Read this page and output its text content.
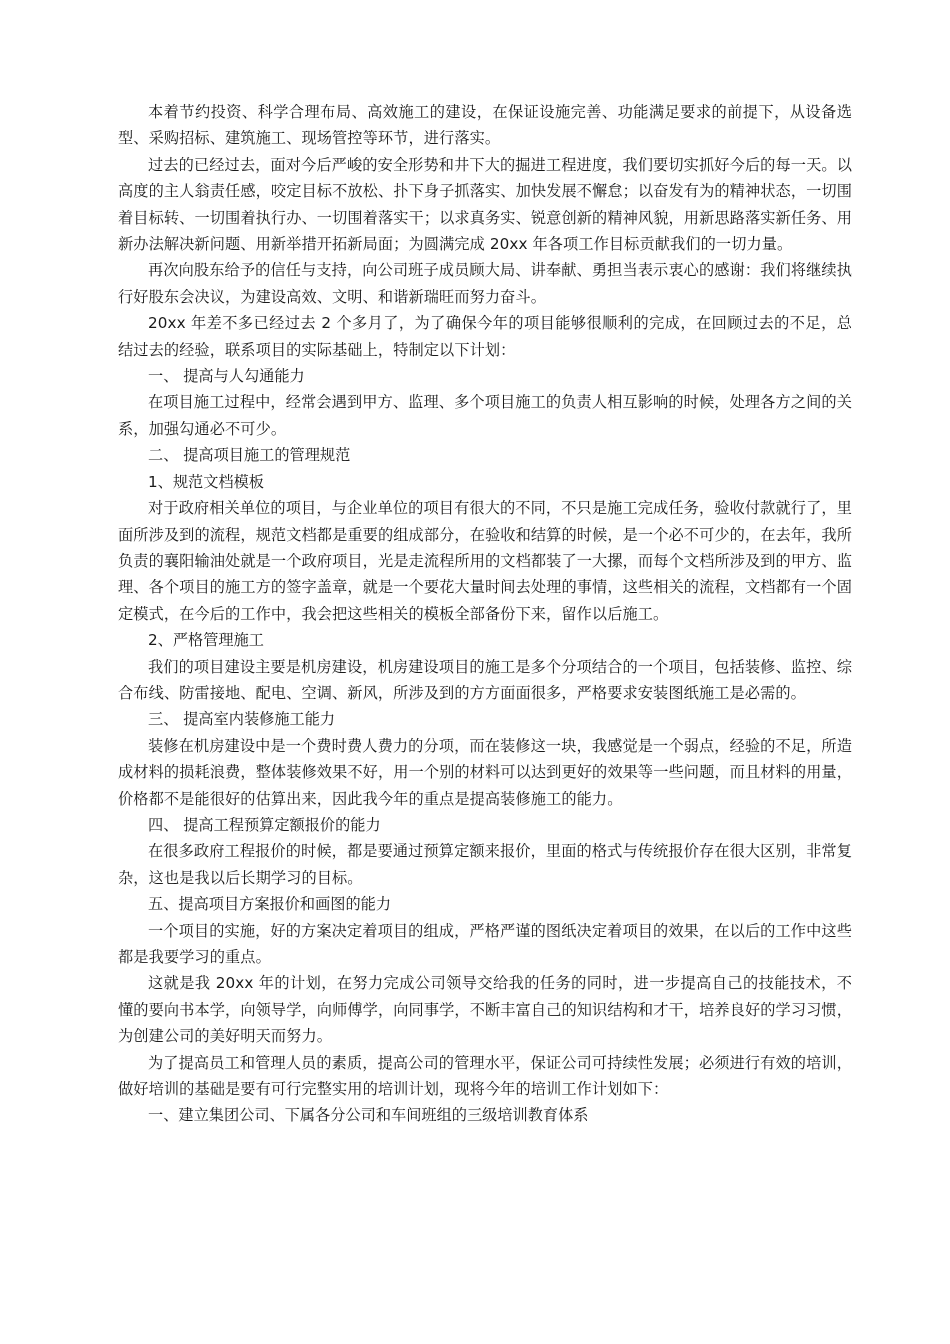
本着节约投资、科学合理布局、高效施工的建设，在保证设施完善、功能满足要求的前提下，从设备选型、采购招标、建筑施工、现场管控等环节，进行落实。

过去的已经过去，面对今后严峻的安全形势和井下大的掘进工程进度，我们要切实抓好今后的每一天。以高度的主人翁责任感，咬定目标不放松、扑下身子抓落实、加快发展不懈怠；以奋发有为的精神状态，一切围着目标转、一切围着执行办、一切围着落实干；以求真务实、锐意创新的精神风貌，用新思路落实新任务、用新办法解决新问题、用新举措开拓新局面；为圆满完成 20xx 年各项工作目标贡献我们的一切力量。

再次向股东给予的信任与支持，向公司班子成员顾大局、讲奉献、勇担当表示衷心的感谢：我们将继续执行好股东会决议，为建设高效、文明、和谐新瑞旺而努力奋斗。

20xx 年差不多已经过去 2 个多月了，为了确保今年的项目能够很顺利的完成，在回顾过去的不足，总结过去的经验，联系项目的实际基础上，特制定以下计划：

一、 提高与人勾通能力

在项目施工过程中，经常会遇到甲方、监理、多个项目施工的负责人相互影响的时候，处理各方之间的关系，加强勾通必不可少。

二、 提高项目施工的管理规范

1、规范文档模板

对于政府相关单位的项目，与企业单位的项目有很大的不同，不只是施工完成任务，验收付款就行了，里面所涉及到的流程，规范文档都是重要的组成部分，在验收和结算的时候，是一个必不可少的，在去年，我所负责的襄阳输油处就是一个政府项目，光是走流程所用的文档都装了一大摞，而每个文档所涉及到的甲方、监理、各个项目的施工方的签字盖章，就是一个要花大量时间去处理的事情，这些相关的流程，文档都有一个固定模式，在今后的工作中，我会把这些相关的模板全部备份下来，留作以后施工。

2、严格管理施工

我们的项目建设主要是机房建设，机房建设项目的施工是多个分项结合的一个项目，包括装修、监控、综合布线、防雷接地、配电、空调、新风，所涉及到的方方面面很多，严格要求安装图纸施工是必需的。

三、 提高室内装修施工能力

装修在机房建设中是一个费时费人费力的分项，而在装修这一块，我感觉是一个弱点，经验的不足，所造成材料的损耗浪费，整体装修效果不好，用一个别的材料可以达到更好的效果等一些问题，而且材料的用量，价格都不是能很好的估算出来，因此我今年的重点是提高装修施工的能力。

四、 提高工程预算定额报价的能力

在很多政府工程报价的时候，都是要通过预算定额来报价，里面的格式与传统报价存在很大区别，非常复杂，这也是我以后长期学习的目标。

五、提高项目方案报价和画图的能力

一个项目的实施，好的方案决定着项目的组成，严格严谨的图纸决定着项目的效果，在以后的工作中这些都是我要学习的重点。

这就是我 20xx 年的计划，在努力完成公司领导交给我的任务的同时，进一步提高自己的技能技术，不懂的要向书本学，向领导学，向师傅学，向同事学，不断丰富自己的知识结构和才干，培养良好的学习习惯，为创建公司的美好明天而努力。

为了提高员工和管理人员的素质，提高公司的管理水平，保证公司可持续性发展；必须进行有效的培训，做好培训的基础是要有可行完整实用的培训计划，现将今年的培训工作计划如下：

一、建立集团公司、下属各分公司和车间班组的三级培训教育体系
